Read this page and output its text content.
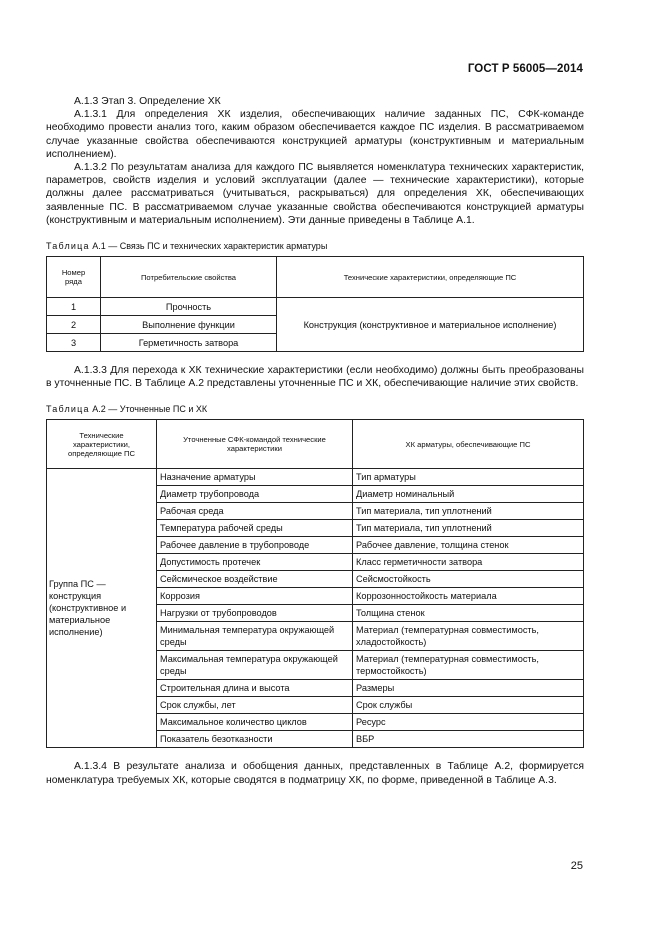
ГОСТ Р 56005—2014

А.1.3 Этап 3. Определение ХК

А.1.3.1 Для определения ХК изделия, обеспечивающих наличие заданных ПС, СФК-команде необходимо провести анализ того, каким образом обеспечивается каждое ПС изделия. В рассматриваемом случае указанные свойства обеспечиваются конструкцией арматуры (конструктивным и материальным исполнением).

А.1.3.2 По результатам анализа для каждого ПС выявляется номенклатура технических характеристик, параметров, свойств изделия и условий эксплуатации (далее — технические характеристики), которые должны далее рассматриваться (учитываться, раскрываться) для определения ХК, обеспечивающих заявленные ПС. В рассматриваемом случае указанные свойства обеспечиваются конструкцией арматуры (конструктивным и материальным исполнением). Эти данные приведены в Таблице А.1.

Таблица А.1 — Связь ПС и технических характеристик арматуры
Номер ряда	Потребительские свойства	Технические характеристики, определяющие ПС
1	Прочность	Конструкция (конструктивное и материальное исполнение)
2	Выполнение функции	
3	Герметичность затвора	

А.1.3.3 Для перехода к ХК технические характеристики (если необходимо) должны быть преобразованы в уточненные ПС. В Таблице А.2 представлены уточненные ПС и ХК, обеспечивающие наличие этих свойств.

Таблица А.2 — Уточненные ПС и ХК
Технические характеристики, определяющие ПС	Уточненные СФК-командой технические характеристики	ХК арматуры, обеспечивающие ПС
Группа ПС — конструкция (конструктивное и материальное исполнение)	Назначение арматуры	Тип арматуры
	Диаметр трубопровода	Диаметр номинальный
	Рабочая среда	Тип материала, тип уплотнений
	Температура рабочей среды	Тип материала, тип уплотнений
	Рабочее давление в трубопроводе	Рабочее давление, толщина стенок
	Допустимость протечек	Класс герметичности затвора
	Сейсмическое воздействие	Сейсмостойкость
	Коррозия	Коррозонностойкость материала
	Нагрузки от трубопроводов	Толщина стенок
	Минимальная температура окружающей среды	Материал (температурная совместимость, хладостойкость)
	Максимальная температура окружающей среды	Материал (температурная совместимость, термостойкость)
	Строительная длина и высота	Размеры
	Срок службы, лет	Срок службы
	Максимальное количество циклов	Ресурс
	Показатель безотказности	ВБР

А.1.3.4 В результате анализа и обобщения данных, представленных в Таблице А.2, формируется номенклатура требуемых ХК, которые сводятся в подматрицу ХК, по форме, приведенной в Таблице А.3.

25
